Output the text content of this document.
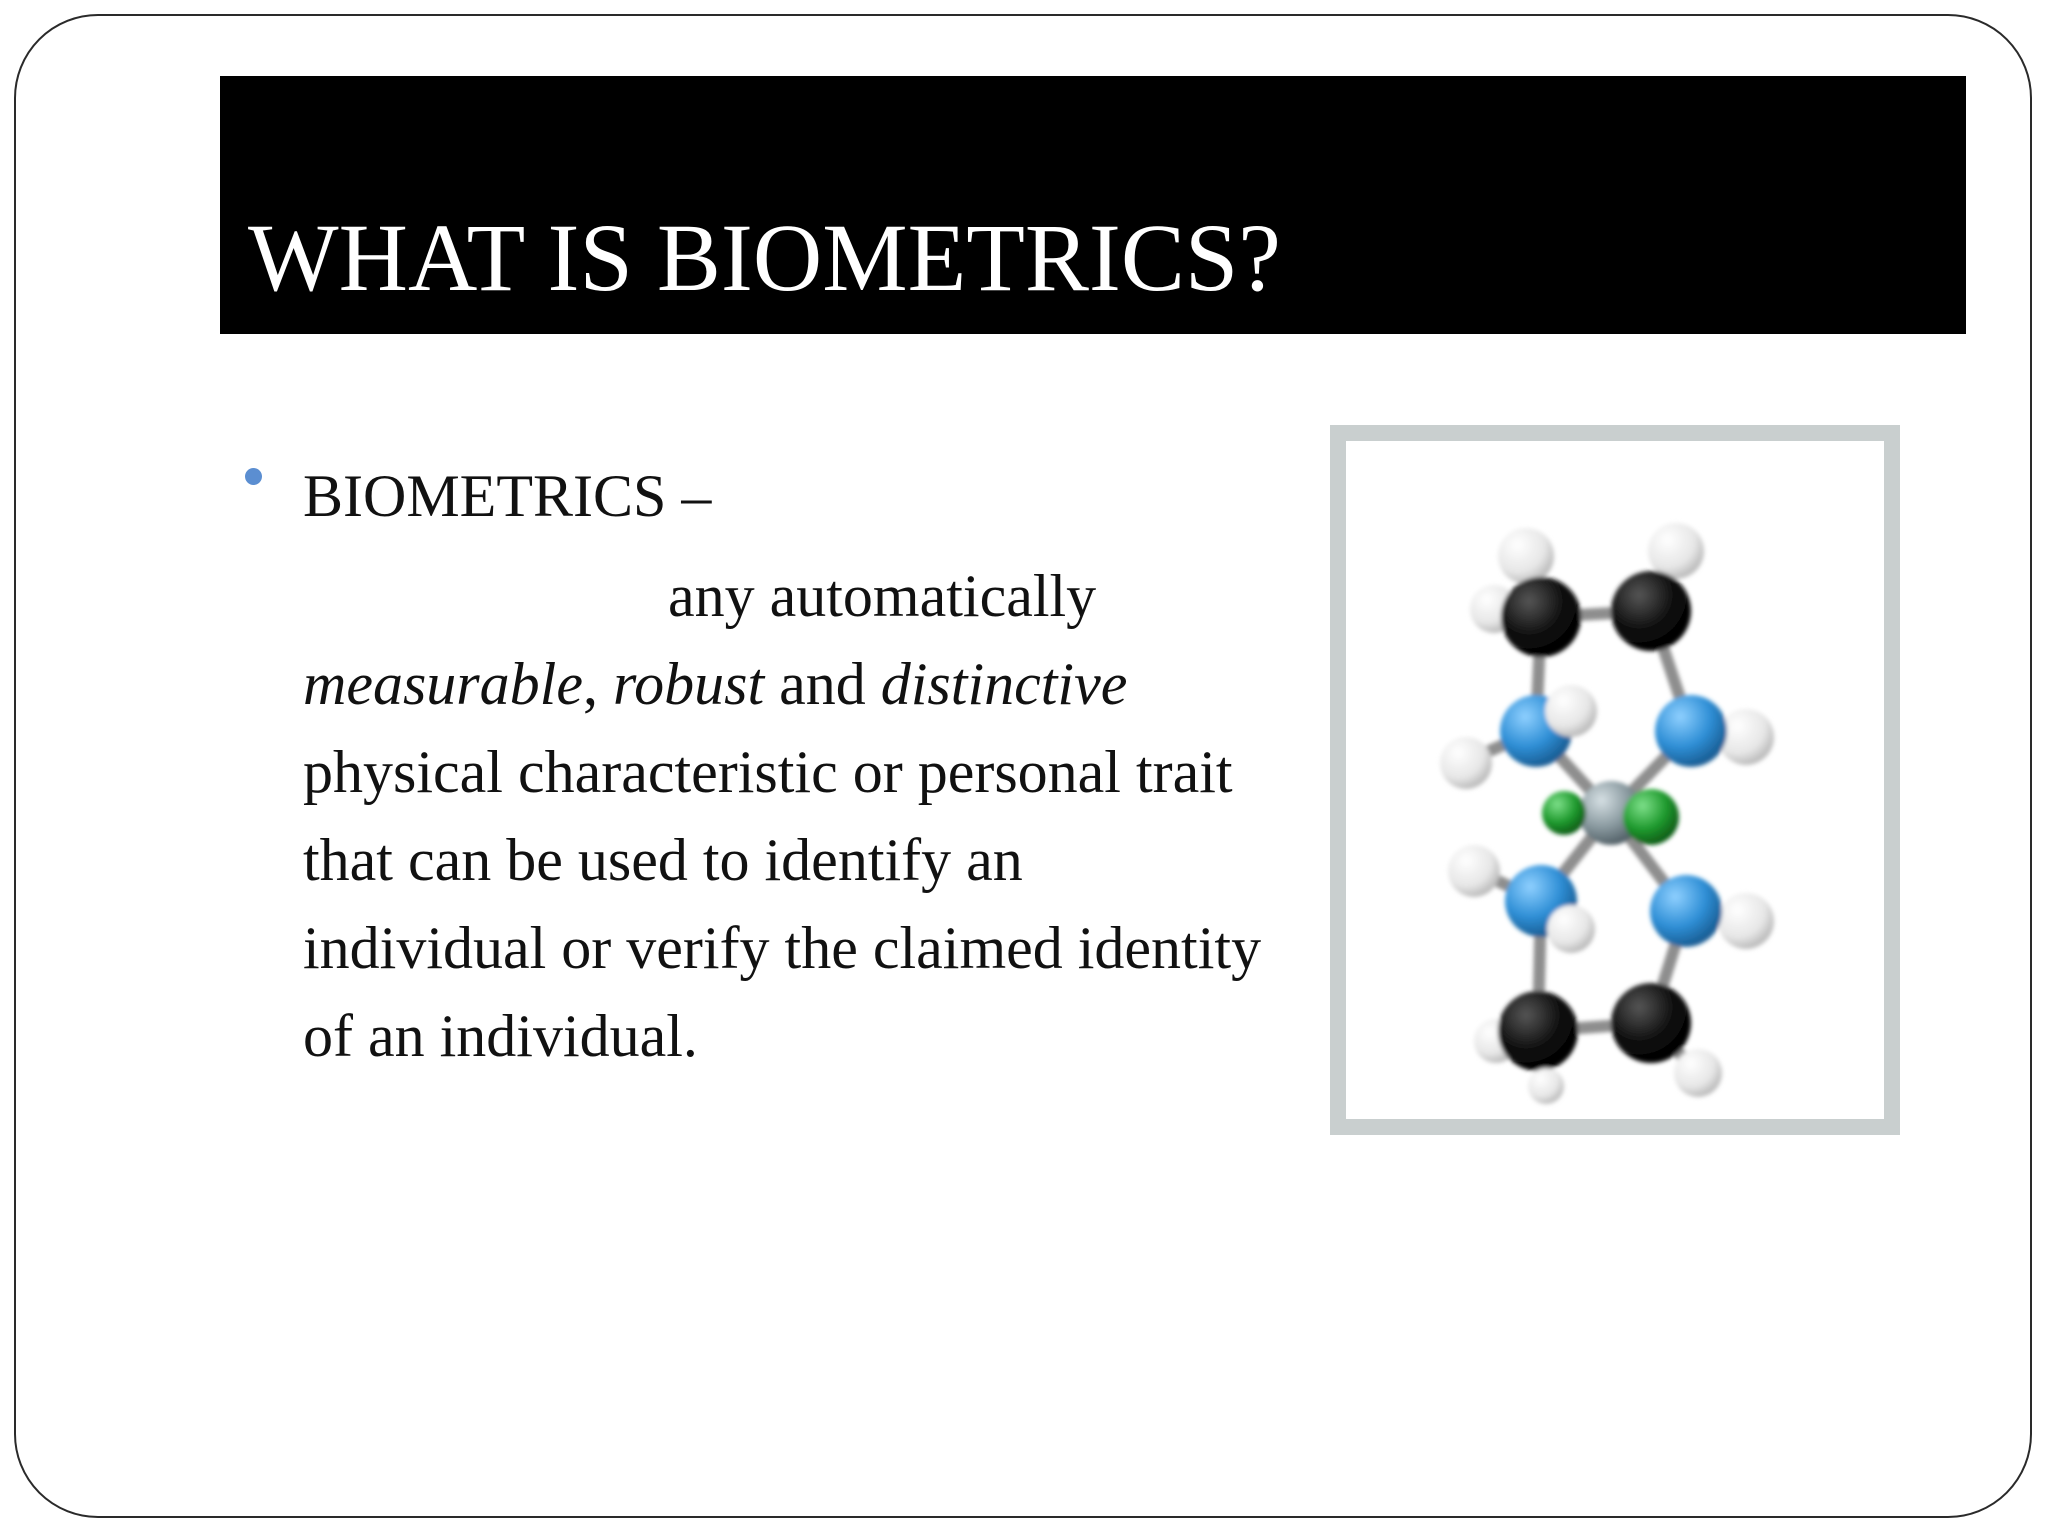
WHAT IS BIOMETRICS?
BIOMETRICS –
any automatically measurable, robust and distinctive physical characteristic or personal trait that can be used to identify an individual or verify the claimed identity of an individual.
